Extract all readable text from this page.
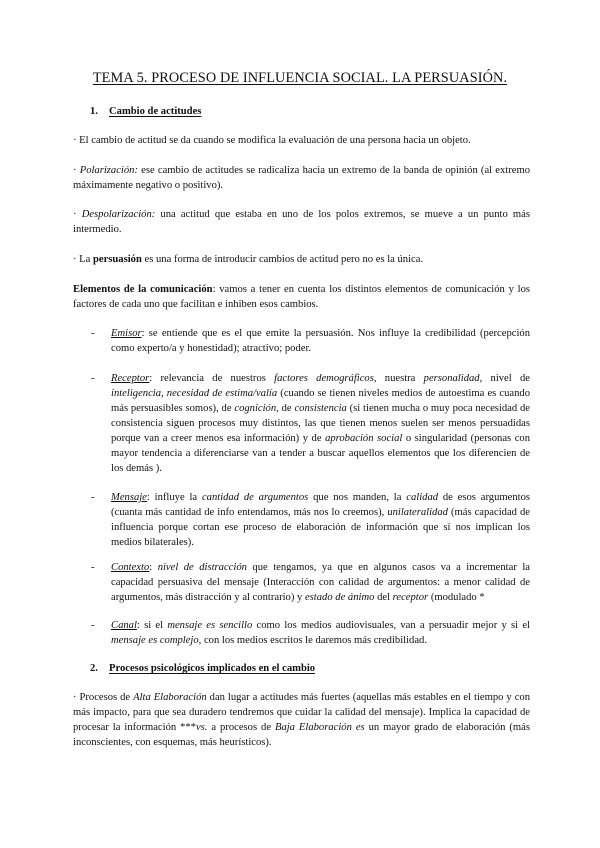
TEMA 5. PROCESO DE INFLUENCIA SOCIAL. LA PERSUASIÓN.
1. Cambio de actitudes

· El cambio de actitud se da cuando se modifica la evaluación de una persona hacia un objeto.

· Polarización: ese cambio de actitudes se radicaliza hacia un extremo de la banda de opinión (al extremo máximamente negativo o positivo).

· Despolarización: una actitud que estaba en uno de los polos extremos, se mueve a un punto más intermedio.

· La persuasión es una forma de introducir cambios de actitud pero no es la única.

Elementos de la comunicación: vamos a tener en cuenta los distintos elementos de comunicación y los factores de cada uno que facilitan e inhiben esos cambios.

- Emisor: se entiende que es el que emite la persuasión. Nos influye la credibilidad (percepción como experto/a y honestidad); atractivo; poder.

- Receptor: relevancia de nuestros factores demográficos, nuestra personalidad, nivel de inteligencia, necesidad de estima/valía (cuando se tienen niveles medios de autoestima es cuando más persuasibles somos), de cognición, de consistencia (si tienen mucha o muy poca necesidad de consistencia siguen procesos muy distintos, las que tienen menos suelen ser menos persuadidas porque van a creer menos esa información) y de aprobación social o singularidad (personas con mayor tendencia a diferenciarse van a tender a buscar aquellos elementos que los diferencien de los demás ).

- Mensaje: influye la cantidad de argumentos que nos manden, la calidad de esos argumentos (cuanta más cantidad de info entendamos, más nos lo creemos), unilateralidad (más capacidad de influencia porque cortan ese proceso de elaboración de información que sí nos implican los medios bilaterales).

- Contexto: nivel de distracción que tengamos, ya que en algunos casos va a incrementar la capacidad persuasiva del mensaje (Interacción con calidad de argumentos: a menor calidad de argumentos, más distracción y al contrario) y estado de ánimo del receptor (modulado *

- Canal: si el mensaje es sencillo como los medios audiovisuales, van a persuadir mejor y si el mensaje es complejo, con los medios escritos le daremos más credibilidad.

2. Procesos psicológicos implicados en el cambio

· Procesos de Alta Elaboración dan lugar a actitudes más fuertes (aquellas más estables en el tiempo y con más impacto, para que sea duradero tendremos que cuidar la calidad del mensaje). Implica la capacidad de procesar la información ***vs. a procesos de Baja Elaboración es un mayor grado de elaboración (más inconscientes, con esquemas, más heurísticos).
